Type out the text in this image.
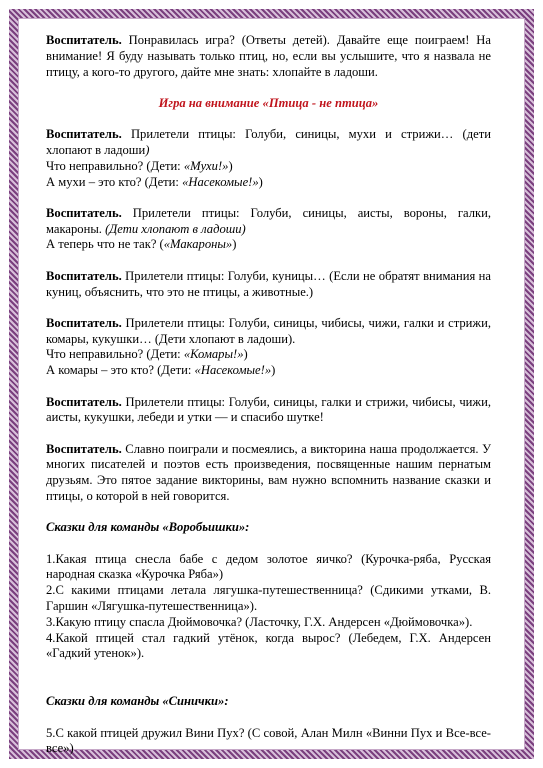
Воспитатель. Понравилась игра? (Ответы детей). Давайте еще поиграем! На внимание! Я буду называть только птиц, но, если вы услышите, что я назвала не птицу, а кого-то другого, дайте мне знать: хлопайте в ладоши.

Игра на внимание «Птица - не птица»

Воспитатель. Прилетели птицы: Голуби, синицы, мухи и стрижи… (дети хлопают в ладоши)

Что неправильно? (Дети: «Мухи!»)

А мухи – это кто? (Дети: «Насекомые!»)

Воспитатель. Прилетели птицы: Голуби, синицы, аисты, вороны, галки, макароны. (Дети хлопают в ладоши)

А теперь что не так? («Макароны»)

Воспитатель. Прилетели птицы: Голуби, куницы… (Если не обратят внимания на куниц, объяснить, что это не птицы, а животные.)

Воспитатель. Прилетели птицы: Голуби, синицы, чибисы, чижи, галки и стрижи, комары, кукушки… (Дети хлопают в ладоши).

Что неправильно? (Дети: «Комары!»)

А комары – это кто? (Дети: «Насекомые!»)

Воспитатель. Прилетели птицы: Голуби, синицы, галки и стрижи, чибисы, чижи, аисты, кукушки, лебеди и утки — и спасибо шутке!

Воспитатель. Славно поиграли и посмеялись, а викторина наша продолжается. У многих писателей и поэтов есть произведения, посвященные нашим пернатым друзьям. Это пятое задание викторины, вам нужно вспомнить название сказки и птицы, о которой в ней говорится.

Сказки для команды «Воробьишки»:

1.Какая птица снесла бабе с дедом золотое яичко? (Курочка-ряба, Русская народная сказка «Курочка Ряба»)

2.С какими птицами летала лягушка-путешественница? (Сдикими утками, В. Гаршин «Лягушка-путешественница»).

3.Какую птицу спасла Дюймовочка? (Ласточку, Г.Х. Андерсен «Дюймовочка»).

4.Какой птицей стал гадкий утёнок, когда вырос? (Лебедем, Г.Х. Андерсен «Гадкий утенок»).

Сказки для команды «Синички»:

5.С какой птицей дружил Вини Пух? (С совой, Алан Милн «Винни Пух и Все-все-все»)
